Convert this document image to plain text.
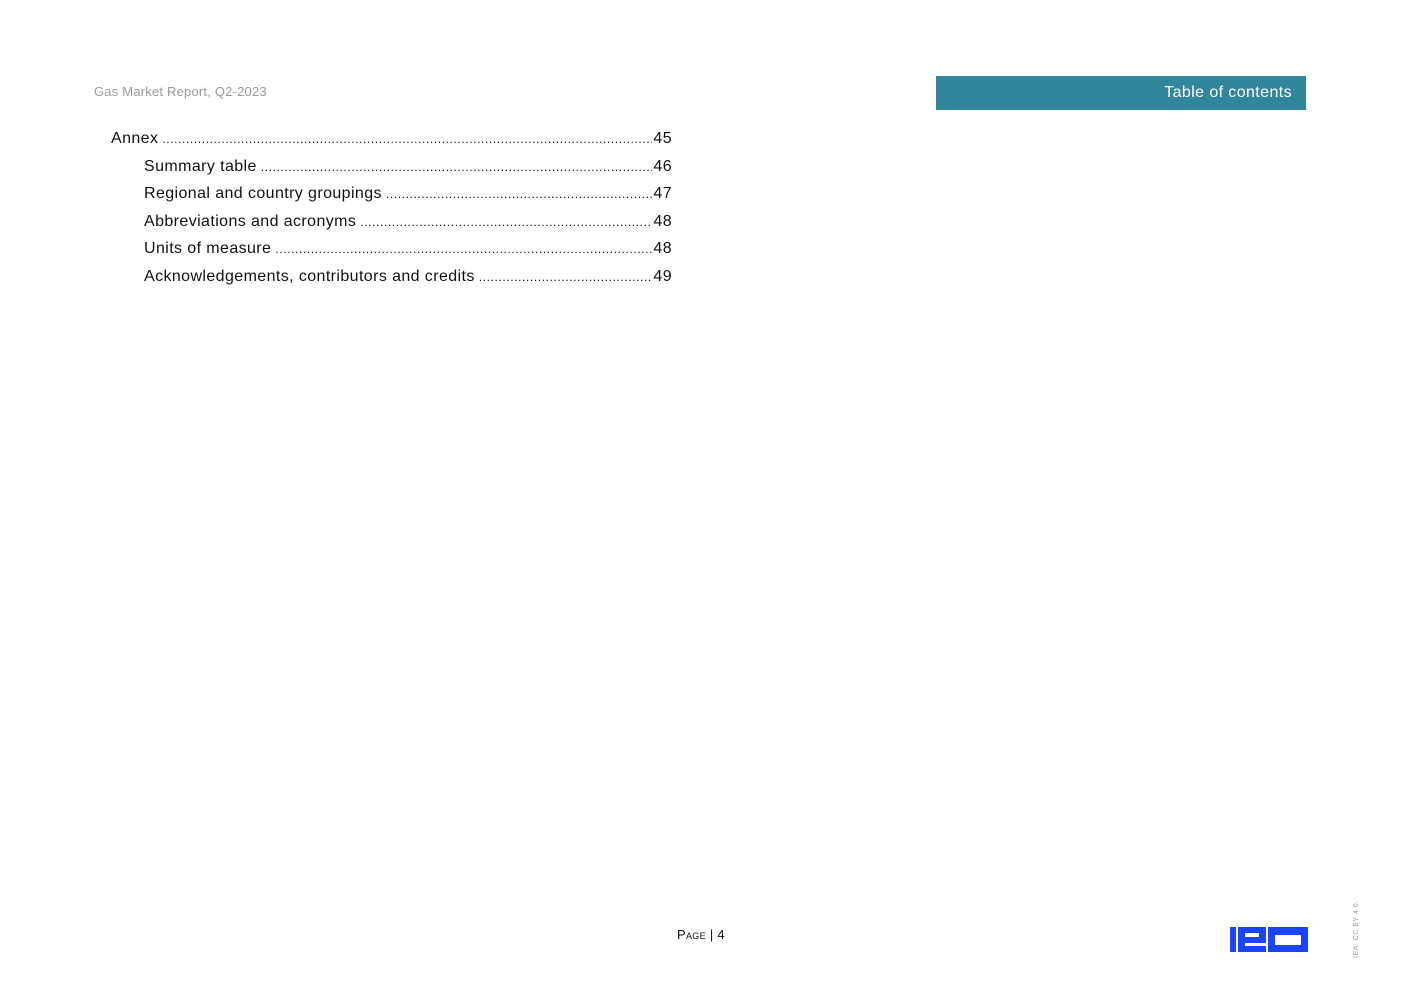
Gas Market Report, Q2-2023	Table of contents
Annex .....	45
Summary table .....	46
Regional and country groupings .....	47
Abbreviations and acronyms .....	48
Units of measure .....	48
Acknowledgements, contributors and credits .....	49
Page | 4	IEA. CC BY 4.0.
